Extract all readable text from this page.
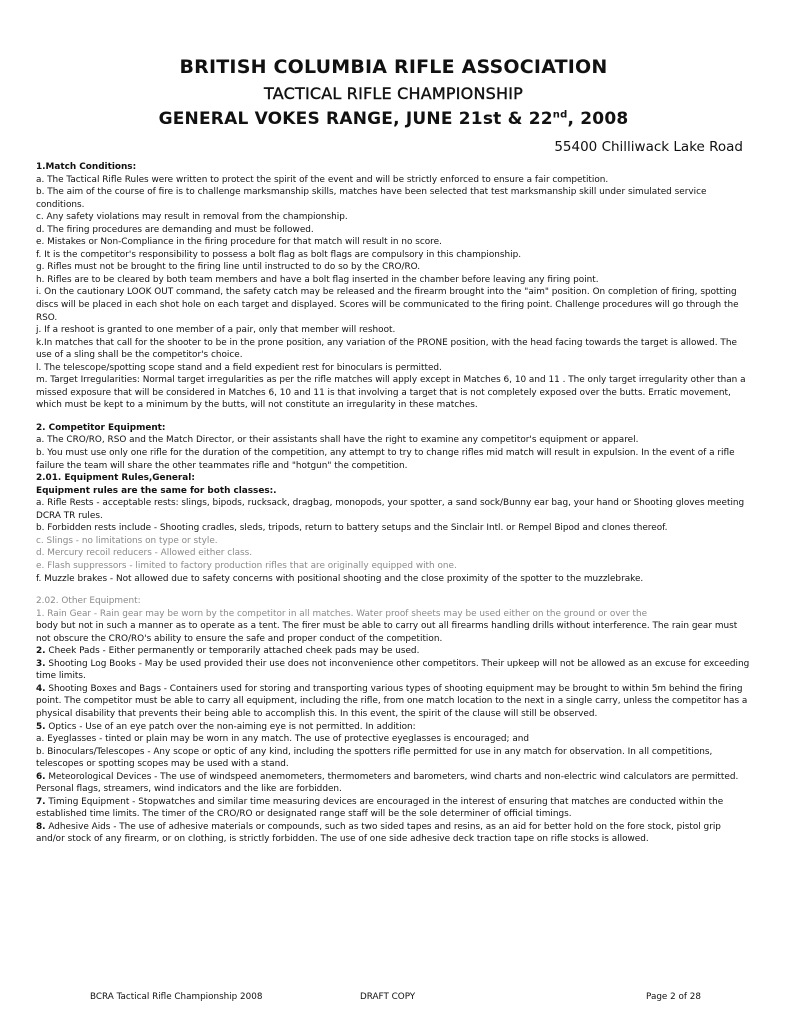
BRITISH COLUMBIA RIFLE ASSOCIATION

TACTICAL RIFLE CHAMPIONSHIP

GENERAL VOKES RANGE, JUNE 21st & 22nd, 2008

55400 Chilliwack Lake Road

1.Match Conditions:

a. The Tactical Rifle Rules were written to protect the spirit of the event and will be strictly enforced to ensure a fair competition.

b. The aim of the course of fire is to challenge marksmanship skills, matches have been selected that test marksmanship skill under simulated service conditions.

c. Any safety violations may result in removal from the championship.

d. The firing procedures are demanding and must be followed.

e. Mistakes or Non-Compliance in the firing procedure for that match will result in no score.

f. It is the competitor's responsibility to possess a bolt flag as bolt flags are compulsory in this championship.

g. Rifles must not be brought to the firing line until instructed to do so by the CRO/RO.

h. Rifles are to be cleared by both team members and have a bolt flag inserted in the chamber before leaving any firing point.

i. On the cautionary LOOK OUT command, the safety catch may be released and the firearm brought into the "aim" position. On completion of firing, spotting discs will be placed in each shot hole on each target and displayed. Scores will be communicated to the firing point. Challenge procedures will go through the RSO.

j. If a reshoot is granted to one member of a pair, only that member will reshoot.

k.In matches that call for the shooter to be in the prone position, any variation of the PRONE position, with the head facing towards the target is allowed. The use of a sling shall be the competitor's choice.

l. The telescope/spotting scope stand and a field expedient rest for binoculars is permitted.

m. Target Irregularities: Normal target irregularities as per the rifle matches will apply except in Matches 6, 10 and 11 . The only target irregularity other than a missed exposure that will be considered in Matches 6, 10 and 11 is that involving a target that is not completely exposed over the butts. Erratic movement, which must be kept to a minimum by the butts, will not constitute an irregularity in these matches.

2. Competitor Equipment:

a. The CRO/RO, RSO and the Match Director, or their assistants shall have the right to examine any competitor's equipment or apparel.

b. You must use only one rifle for the duration of the competition, any attempt to try to change rifles mid match will result in expulsion. In the event of a rifle failure the team will share the other teammates rifle and "hotgun" the competition.

2.01. Equipment Rules,General:

Equipment rules are the same for both classes:.

a. Rifle Rests - acceptable rests: slings, bipods, rucksack, dragbag, monopods, your spotter, a sand sock/Bunny ear bag, your hand or Shooting gloves meeting DCRA TR rules.

b. Forbidden rests include - Shooting cradles, sleds, tripods, return to battery setups and the Sinclair Intl. or Rempel Bipod and clones thereof.

c. Slings - no limitations on type or style.

d. Mercury recoil reducers - Allowed either class.

e. Flash suppressors - limited to factory production rifles that are originally equipped with one.

f. Muzzle brakes - Not allowed due to safety concerns with positional shooting and the close proximity of the spotter to the muzzlebrake.

2.02. Other Equipment:

1. Rain Gear - Rain gear may be worn by the competitor in all matches. Water proof sheets may be used either on the ground or over the

body but not in such a manner as to operate as a tent. The firer must be able to carry out all firearms handling drills without interference. The rain gear must not obscure the CRO/RO's ability to ensure the safe and proper conduct of the competition.

2. Cheek Pads - Either permanently or temporarily attached cheek pads may be used.

3. Shooting Log Books - May be used provided their use does not inconvenience other competitors. Their upkeep will not be allowed as an excuse for exceeding time limits.

4. Shooting Boxes and Bags - Containers used for storing and transporting various types of shooting equipment may be brought to within 5m behind the firing point. The competitor must be able to carry all equipment, including the rifle, from one match location to the next in a single carry, unless the competitor has a physical disability that prevents their being able to accomplish this. In this event, the spirit of the clause will still be observed.

5. Optics - Use of an eye patch over the non-aiming eye is not permitted. In addition:

a. Eyeglasses - tinted or plain may be worn in any match. The use of protective eyeglasses is encouraged; and

b. Binoculars/Telescopes - Any scope or optic of any kind, including the spotters rifle permitted for use in any match for observation. In all competitions, telescopes or spotting scopes may be used with a stand.

6. Meteorological Devices - The use of windspeed anemometers, thermometers and barometers, wind charts and non-electric wind calculators are permitted. Personal flags, streamers, wind indicators and the like are forbidden.

7. Timing Equipment - Stopwatches and similar time measuring devices are encouraged in the interest of ensuring that matches are conducted within the established time limits. The timer of the CRO/RO or designated range staff will be the sole determiner of official timings.

8. Adhesive Aids - The use of adhesive materials or compounds, such as two sided tapes and resins, as an aid for better hold on the fore stock, pistol grip and/or stock of any firearm, or on clothing, is strictly forbidden. The use of one side adhesive deck traction tape on rifle stocks is allowed.

BCRA Tactical Rifle Championship 2008	DRAFT COPY	Page 2 of 28
